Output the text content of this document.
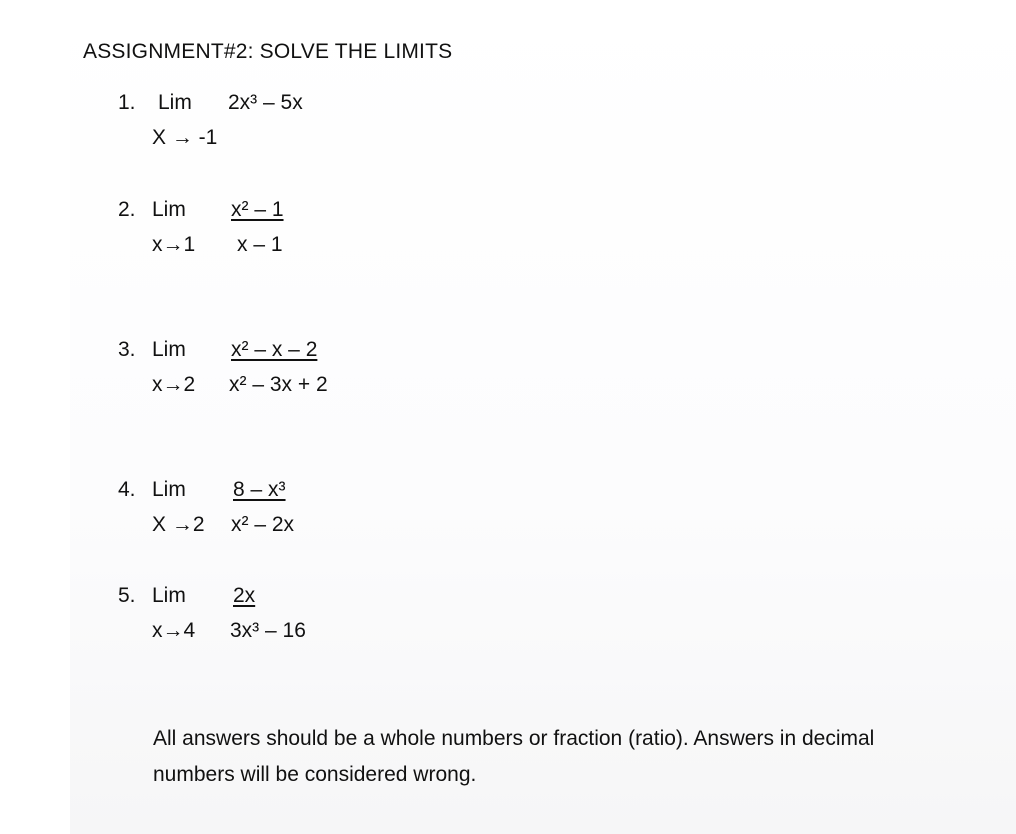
ASSIGNMENT#2: SOLVE THE LIMITS
1. Lim
X → -1
2x³ – 5x
2. Lim
x→1
$\frac{\text{x² – 1}}{x - 1}$
3. Lim
x→2
$\frac{\text{x² – x – 2}}{\text{x² – 3x + 2}}$
4. Lim
X →2
$\frac{\text{8 – x³}}{\text{x² – 2x}}$
5. Lim
x→4
$\frac{2x}{\text{3x³ – 16}}$
All answers should be a whole numbers or fraction (ratio). Answers in decimal numbers will be considered wrong.
